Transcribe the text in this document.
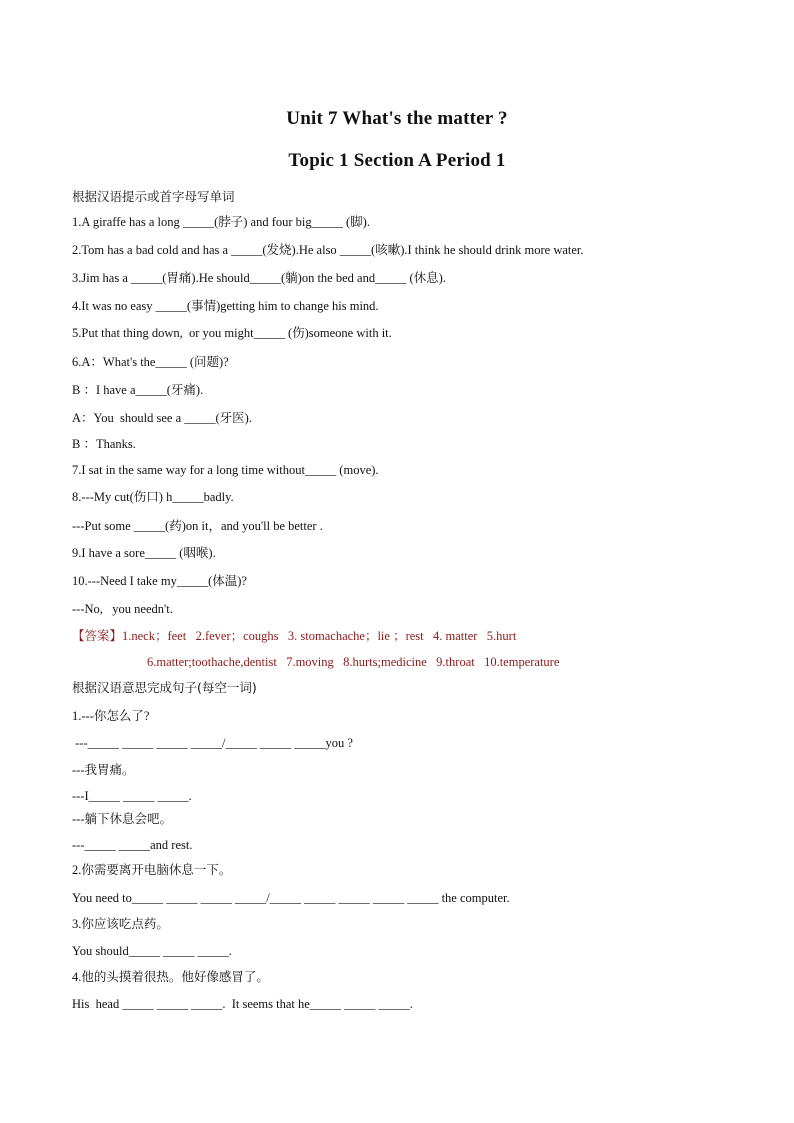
Unit 7 What's the matter ?
Topic 1 Section A Period 1
根据汉语提示或首字母写单词
1.A giraffe has a long _____(脖子) and four big_____ (脚).
2.Tom has a bad cold and has a _____(发烧).He also _____(咳嗽).I think he should drink more water.
3.Jim has a _____(胃痛).He should_____(躺)on the bed and_____ (休息).
4.It was no easy _____(事情)getting him to change his mind.
5.Put that thing down,  or you might_____ (伤)someone with it.
6.A：What's the_____ (问题)?
B ：I have a_____(牙痛).
A：You  should see a _____(牙医).
B ：Thanks.
7.I sat in the same way for a long time without_____ (move).
8.---My cut(伤口) h_____badly.
---Put some _____(药)on it，and you'll be better .
9.I have a sore_____ (咽喉).
10.---Need I take my_____(体温)?
---No,   you needn't.
【答案】1.neck；feet   2.fever；coughs   3. stomachache；lie ；rest   4. matter   5.hurt
6.matter;toothache,dentist   7.moving   8.hurts;medicine   9.throat   10.temperature
根据汉语意思完成句子(每空一词)
1.---你怎么了?
---_____ _____ _____ _____/_____ _____ _____you ?
---我胃痛。
---I_____ _____ _____.
---躺下休息会吧。
---_____ _____and rest.
2.你需要离开电脑休息一下。
You need to_____ _____ _____ _____/_____ _____ _____ _____ _____ the computer.
3.你应该吃点药。
You should_____ _____ _____.
4.他的头摸着很热。他好像感冒了。
His  head _____ _____ _____.  It seems that he_____ _____ _____.
